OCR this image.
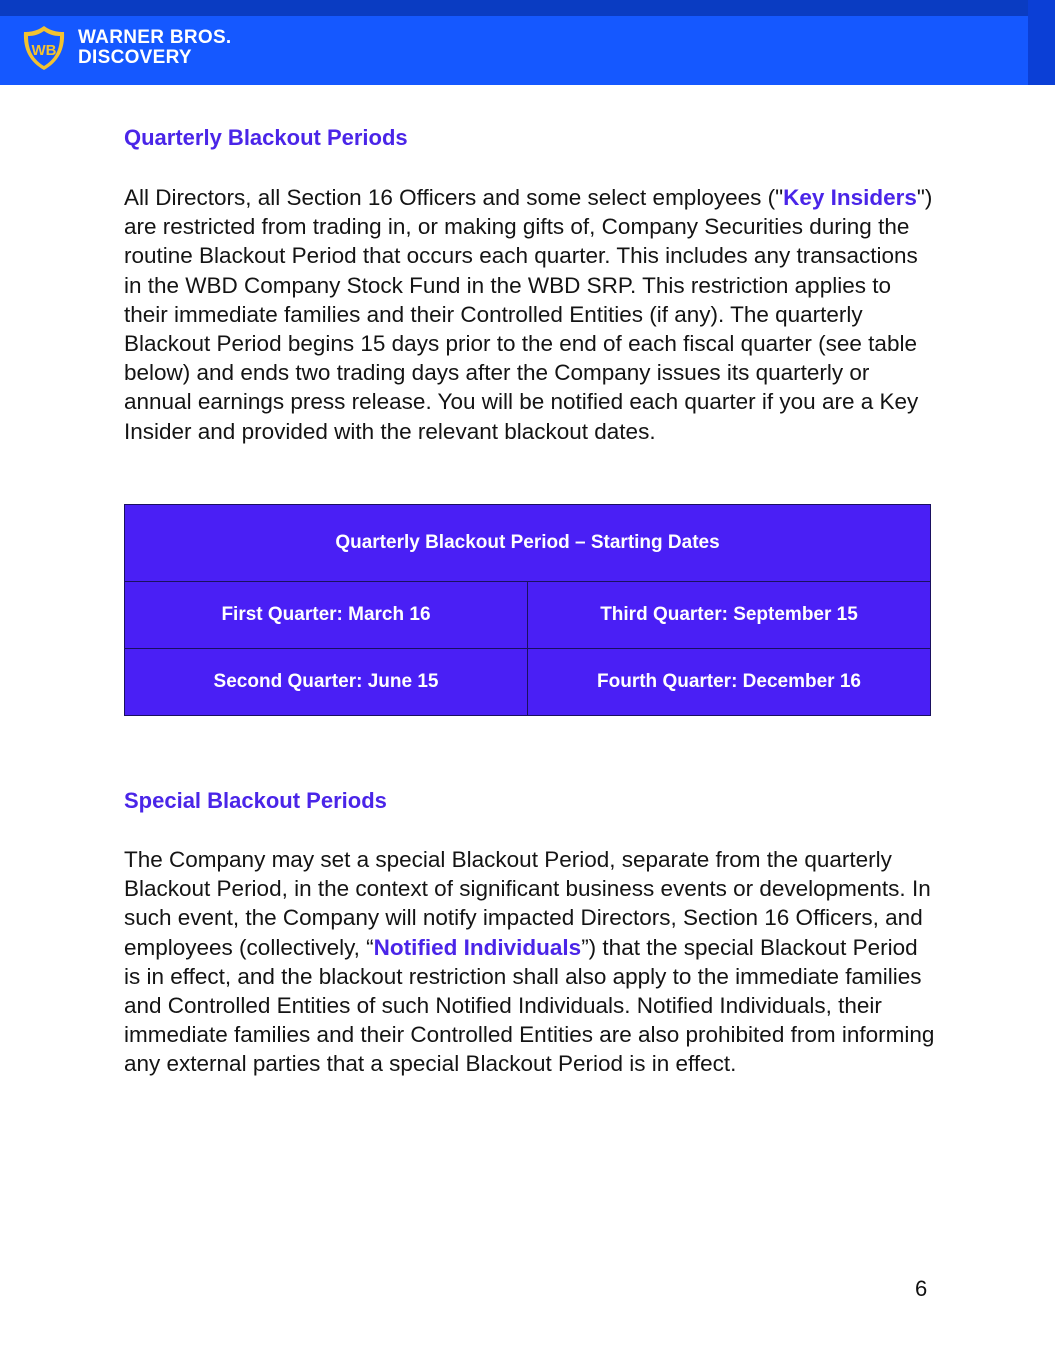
WB
WARNER BROS.
DISCOVERY
Quarterly Blackout Periods

All Directors, all Section 16 Officers and some select employees ("Key Insiders") are restricted from trading in, or making gifts of, Company Securities during the routine Blackout Period that occurs each quarter. This includes any transactions in the WBD Company Stock Fund in the WBD SRP. This restriction applies to their immediate families and their Controlled Entities (if any). The quarterly Blackout Period begins 15 days prior to the end of each fiscal quarter (see table below) and ends two trading days after the Company issues its quarterly or annual earnings press release. You will be notified each quarter if you are a Key Insider and provided with the relevant blackout dates.

Quarterly Blackout Period – Starting Dates	
First Quarter: March 16	Third Quarter: September 15
Second Quarter: June 15	Fourth Quarter: December 16
Special Blackout Periods

The Company may set a special Blackout Period, separate from the quarterly Blackout Period, in the context of significant business events or developments. In such event, the Company will notify impacted Directors, Section 16 Officers, and employees (collectively, “Notified Individuals”) that the special Blackout Period is in effect, and the blackout restriction shall also apply to the immediate families and Controlled Entities of such Notified Individuals. Notified Individuals, their immediate families and their Controlled Entities are also prohibited from informing any external parties that a special Blackout Period is in effect.

6
